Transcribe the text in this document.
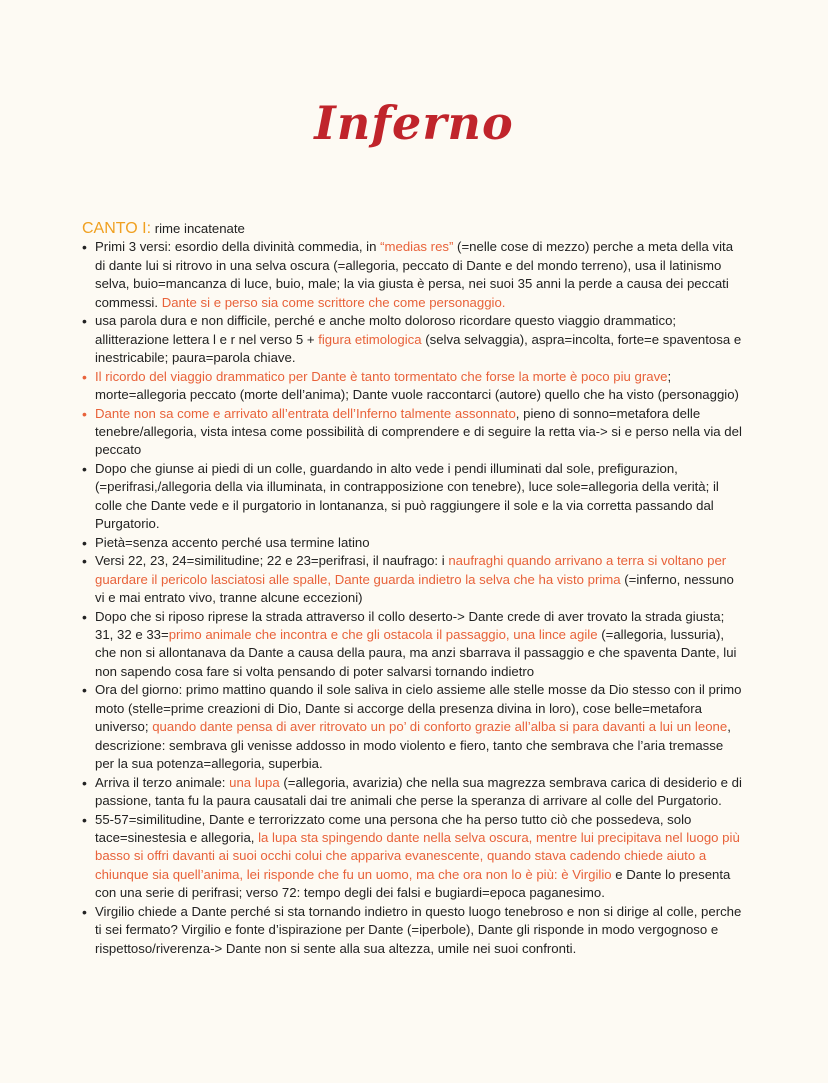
Inferno

CANTO I: rime incatenate

• Primi 3 versi: esordio della divinità commedia, in “medias res” (=nelle cose di mezzo) perche a meta della vita di dante lui si ritrovo in una selva oscura (=allegoria, peccato di Dante e del mondo terreno), usa il latinismo selva, buio=mancanza di luce, buio, male; la via giusta è persa, nei suoi 35 anni la perde a causa dei peccati commessi. Dante si e perso sia come scrittore che come personaggio.
• usa parola dura e non difficile, perché e anche molto doloroso ricordare questo viaggio drammatico; allitterazione lettera l e r nel verso 5 + figura etimologica (selva selvaggia), aspra=incolta, forte=e spaventosa e inestricabile; paura=parola chiave.
• Il ricordo del viaggio drammatico per Dante è tanto tormentato che forse la morte è poco piu grave; morte=allegoria peccato (morte dell’anima); Dante vuole raccontarci (autore) quello che ha visto (personaggio)
• Dante non sa come e arrivato all’entrata dell’Inferno talmente assonnato, pieno di sonno=metafora delle tenebre/allegoria, vista intesa come possibilità di comprendere e di seguire la retta via-> si e perso nella via del peccato
• Dopo che giunse ai piedi di un colle, guardando in alto vede i pendi illuminati dal sole, prefigurazion, (=perifrasi,/allegoria della via illuminata, in contrapposizione con tenebre), luce sole=allegoria della verità; il colle che Dante vede e il purgatorio in lontananza, si può raggiungere il sole e la via corretta passando dal Purgatorio.
• Pietà=senza accento perché usa termine latino
• Versi 22, 23, 24=similitudine; 22 e 23=perifrasi, il naufrago: i naufraghi quando arrivano a terra si voltano per guardare il pericolo lasciatosi alle spalle, Dante guarda indietro la selva che ha visto prima (=inferno, nessuno vi e mai entrato vivo, tranne alcune eccezioni)
• Dopo che si riposo riprese la strada attraverso il collo deserto-> Dante crede di aver trovato la strada giusta; 31, 32 e 33=primo animale che incontra e che gli ostacola il passaggio, una lince agile (=allegoria, lussuria), che non si allontanava da Dante a causa della paura, ma anzi sbarrava il passaggio e che spaventa Dante, lui non sapendo cosa fare si volta pensando di poter salvarsi tornando indietro
• Ora del giorno: primo mattino quando il sole saliva in cielo assieme alle stelle mosse da Dio stesso con il primo moto (stelle=prime creazioni di Dio, Dante si accorge della presenza divina in loro), cose belle=metafora universo; quando dante pensa di aver ritrovato un po’ di conforto grazie all’alba si para davanti a lui un leone, descrizione: sembrava gli venisse addosso in modo violento e fiero, tanto che sembrava che l’aria tremasse per la sua potenza=allegoria, superbia.
• Arriva il terzo animale: una lupa (=allegoria, avarizia) che nella sua magrezza sembrava carica di desiderio e di passione, tanta fu la paura causatali dai tre animali che perse la speranza di arrivare al colle del Purgatorio.
• 55-57=similitudine, Dante e terrorizzato come una persona che ha perso tutto ciò che possedeva, solo tace=sinestesia e allegoria, la lupa sta spingendo dante nella selva oscura, mentre lui precipitava nel luogo più basso si offri davanti ai suoi occhi colui che appariva evanescente, quando stava cadendo chiede aiuto a chiunque sia quell’anima, lei risponde che fu un uomo, ma che ora non lo è più: è Virgilio e Dante lo presenta con una serie di perifrasi; verso 72: tempo degli dei falsi e bugiardi=epoca paganesimo.
• Virgilio chiede a Dante perché si sta tornando indietro in questo luogo tenebroso e non si dirige al colle, perche ti sei fermato? Virgilio e fonte d’ispirazione per Dante (=iperbole), Dante gli risponde in modo vergognoso e rispettoso/riverenza-> Dante non si sente alla sua altezza, umile nei suoi confronti.
